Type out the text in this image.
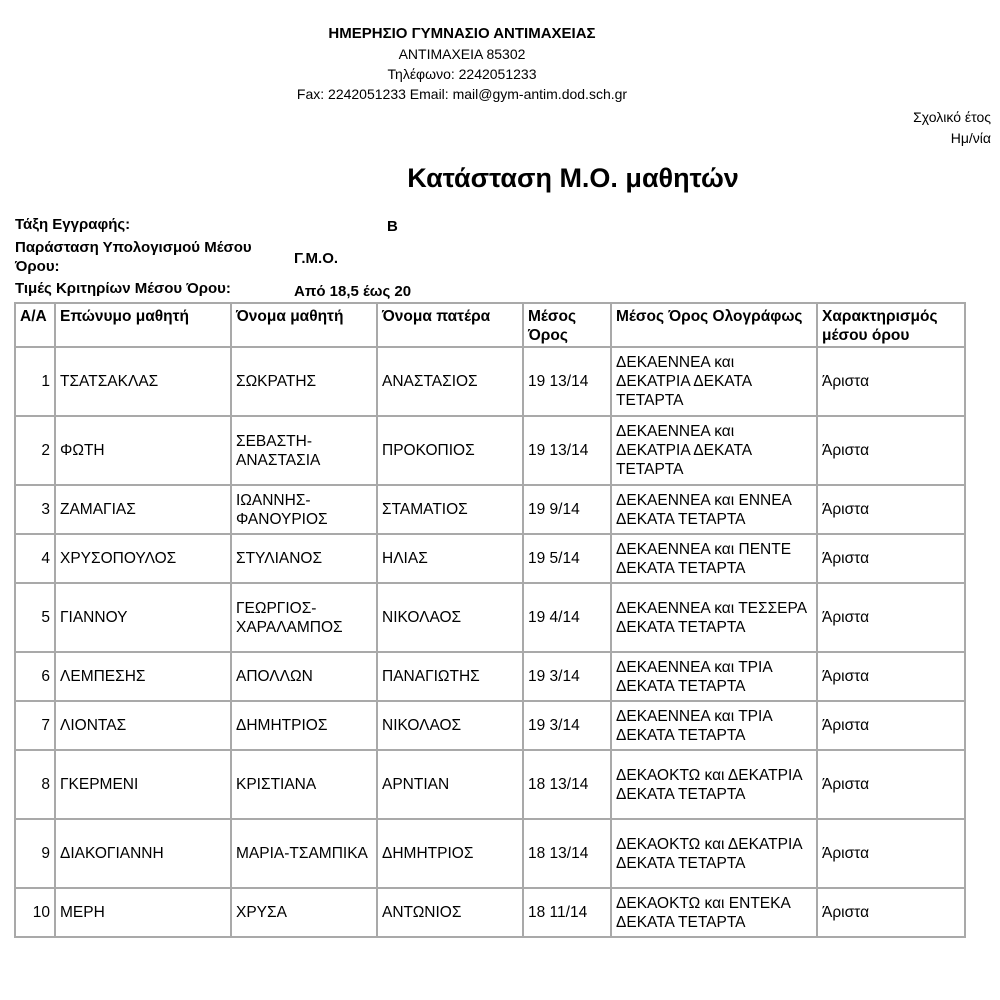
ΗΜΕΡΗΣΙΟ ΓΥΜΝΑΣΙΟ ΑΝΤΙΜΑΧΕΙΑΣ
ΑΝΤΙΜΑΧΕΙΑ 85302
Τηλέφωνο: 2242051233
Fax: 2242051233 Email: mail@gym-antim.dod.sch.gr
Σχολικό έτος
Ημ/νία
Κατάσταση Μ.Ο. μαθητών
Τάξη Εγγραφής:	Β
Παράσταση Υπολογισμού Μέσου
Όρου:	Γ.Μ.Ο.
Τιμές Κριτηρίων Μέσου Όρου:	Από 18,5 έως 20
Α/Α	Επώνυμο μαθητή	Όνομα μαθητή	Όνομα πατέρα	Μέσος Όρος	Μέσος Όρος Ολογράφως	Χαρακτηρισμός μέσου όρου
1	ΤΣΑΤΣΑΚΛΑΣ	ΣΩΚΡΑΤΗΣ	ΑΝΑΣΤΑΣΙΟΣ	19 13/14	ΔΕΚΑΕΝΝΕΑ και ΔΕΚΑΤΡΙΑ ΔΕΚΑΤΑ ΤΕΤΑΡΤΑ	Άριστα
2	ΦΩΤΗ	ΣΕΒΑΣΤΗ-ΑΝΑΣΤΑΣΙΑ	ΠΡΟΚΟΠΙΟΣ	19 13/14	ΔΕΚΑΕΝΝΕΑ και ΔΕΚΑΤΡΙΑ ΔΕΚΑΤΑ ΤΕΤΑΡΤΑ	Άριστα
3	ΖΑΜΑΓΙΑΣ	ΙΩΑΝΝΗΣ-ΦΑΝΟΥΡΙΟΣ	ΣΤΑΜΑΤΙΟΣ	19 9/14	ΔΕΚΑΕΝΝΕΑ και ΕΝΝΕΑ ΔΕΚΑΤΑ ΤΕΤΑΡΤΑ	Άριστα
4	ΧΡΥΣΟΠΟΥΛΟΣ	ΣΤΥΛΙΑΝΟΣ	ΗΛΙΑΣ	19 5/14	ΔΕΚΑΕΝΝΕΑ και ΠΕΝΤΕ ΔΕΚΑΤΑ ΤΕΤΑΡΤΑ	Άριστα
5	ΓΙΑΝΝΟΥ	ΓΕΩΡΓΙΟΣ-ΧΑΡΑΛΑΜΠΟΣ	ΝΙΚΟΛΑΟΣ	19 4/14	ΔΕΚΑΕΝΝΕΑ και ΤΕΣΣΕΡΑ ΔΕΚΑΤΑ ΤΕΤΑΡΤΑ	Άριστα
6	ΛΕΜΠΕΣΗΣ	ΑΠΟΛΛΩΝ	ΠΑΝΑΓΙΩΤΗΣ	19 3/14	ΔΕΚΑΕΝΝΕΑ και ΤΡΙΑ ΔΕΚΑΤΑ ΤΕΤΑΡΤΑ	Άριστα
7	ΛΙΟΝΤΑΣ	ΔΗΜΗΤΡΙΟΣ	ΝΙΚΟΛΑΟΣ	19 3/14	ΔΕΚΑΕΝΝΕΑ και ΤΡΙΑ ΔΕΚΑΤΑ ΤΕΤΑΡΤΑ	Άριστα
8	ΓΚΕΡΜΕΝΙ	ΚΡΙΣΤΙΑΝΑ	ΑΡΝΤΙΑΝ	18 13/14	ΔΕΚΑΟΚΤΩ και ΔΕΚΑΤΡΙΑ ΔΕΚΑΤΑ ΤΕΤΑΡΤΑ	Άριστα
9	ΔΙΑΚΟΓΙΑΝΝΗ	ΜΑΡΙΑ-ΤΣΑΜΠΙΚΑ	ΔΗΜΗΤΡΙΟΣ	18 13/14	ΔΕΚΑΟΚΤΩ και ΔΕΚΑΤΡΙΑ ΔΕΚΑΤΑ ΤΕΤΑΡΤΑ	Άριστα
10	ΜΕΡΗ	ΧΡΥΣΑ	ΑΝΤΩΝΙΟΣ	18 11/14	ΔΕΚΑΟΚΤΩ και ΕΝΤΕΚΑ ΔΕΚΑΤΑ ΤΕΤΑΡΤΑ	Άριστα
